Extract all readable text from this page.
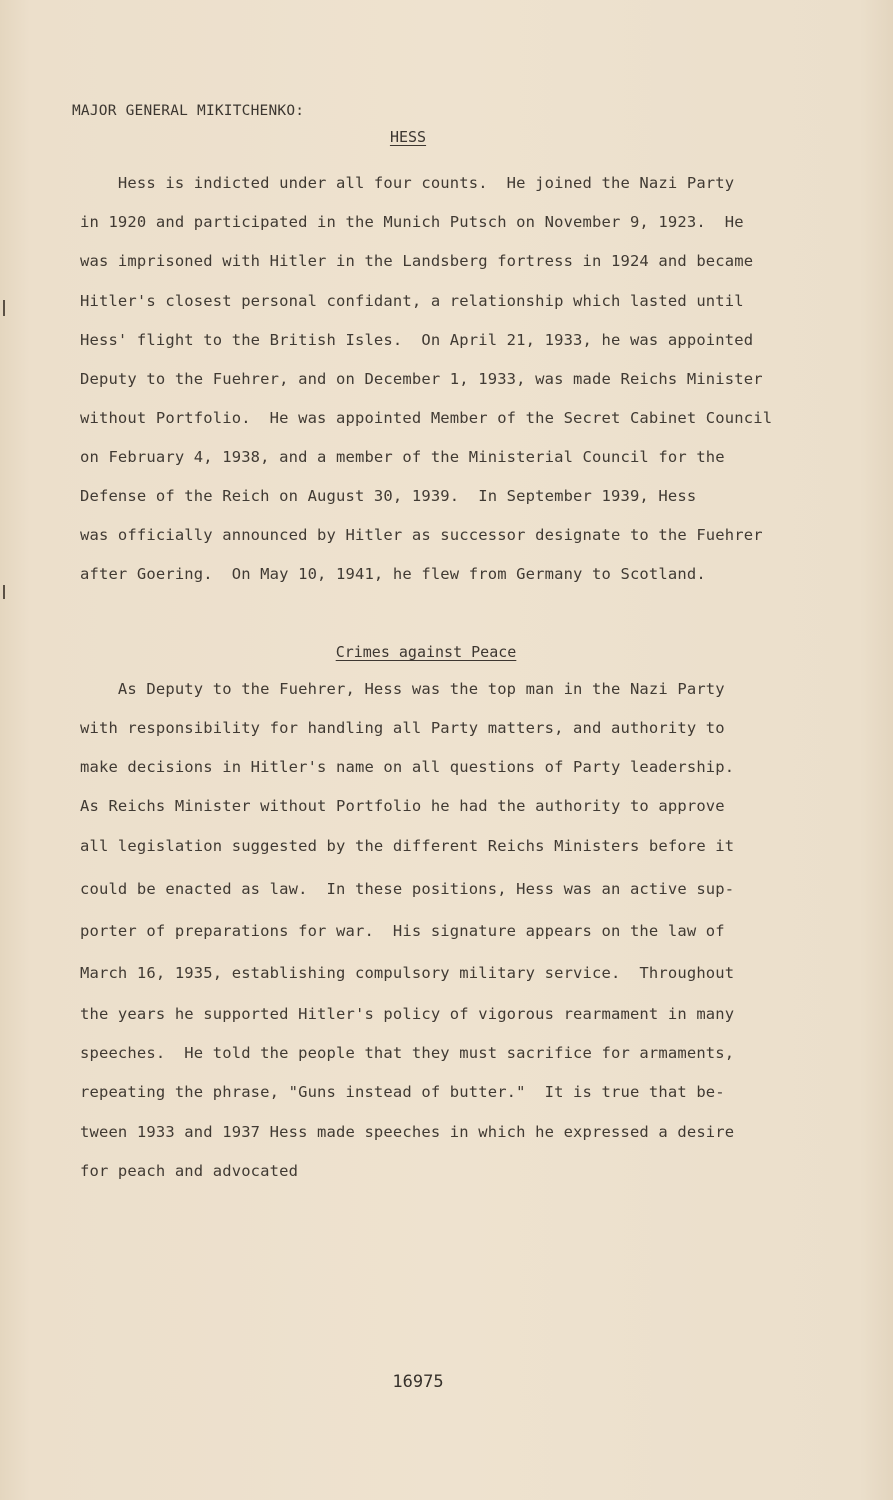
MAJOR GENERAL MIKITCHENKO:
HESS
Hess is indicted under all four counts.  He joined the Nazi Party
in 1920 and participated in the Munich Putsch on November 9, 1923.  He
was imprisoned with Hitler in the Landsberg fortress in 1924 and became
Hitler's closest personal confidant, a relationship which lasted until
Hess' flight to the British Isles.  On April 21, 1933, he was appointed
Deputy to the Fuehrer, and on December 1, 1933, was made Reichs Minister
without Portfolio.  He was appointed Member of the Secret Cabinet Council
on February 4, 1938, and a member of the Ministerial Council for the
Defense of the Reich on August 30, 1939.  In September 1939, Hess
was officially announced by Hitler as successor designate to the Fuehrer
after Goering.  On May 10, 1941, he flew from Germany to Scotland.
Crimes against Peace
As Deputy to the Fuehrer, Hess was the top man in the Nazi Party
with responsibility for handling all Party matters, and authority to
make decisions in Hitler's name on all questions of Party leadership.
As Reichs Minister without Portfolio he had the authority to approve
all legislation suggested by the different Reichs Ministers before it
could be enacted as law.  In these positions, Hess was an active sup-
porter of preparations for war.  His signature appears on the law of
March 16, 1935, establishing compulsory military service.  Throughout
the years he supported Hitler's policy of vigorous rearmament in many
speeches.  He told the people that they must sacrifice for armaments,
repeating the phrase, "Guns instead of butter."  It is true that be-
tween 1933 and 1937 Hess made speeches in which he expressed a desire
for peach and advocated
16975
